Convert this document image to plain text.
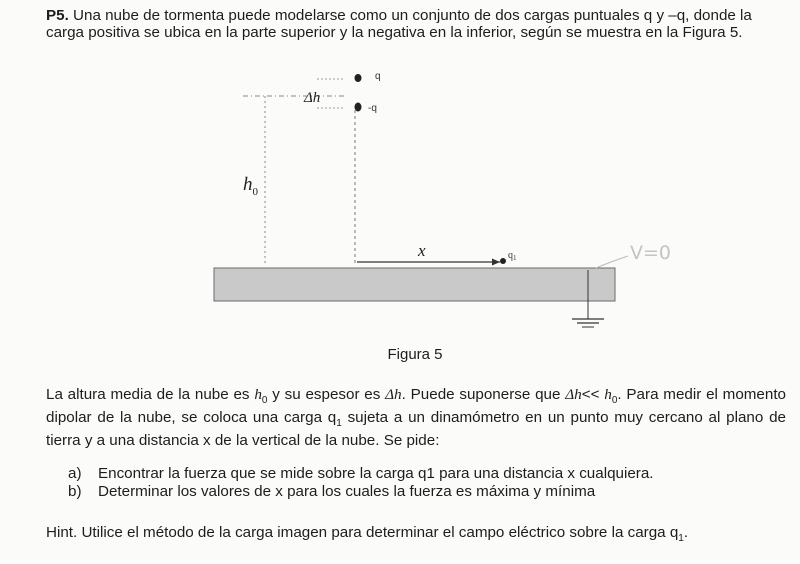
P5. Una nube de tormenta puede modelarse como un conjunto de dos cargas puntuales q y –q, donde la carga positiva se ubica en la parte superior y la negativa en la inferior, según se muestra en la Figura 5.

q
-q
Δh
$h_0$
x	$q_1$	V=0
Figura 5

La altura media de la nube es $h_0$ y su espesor es Δh. Puede suponerse que $\Delta h<< h_0$. Para medir el momento dipolar de la nube, se coloca una carga $q_1$ sujeta a un dinamómetro en un punto muy cercano al plano de tierra y a una distancia x de la vertical de la nube. Se pide:

a)	Encontrar la fuerza que se mide sobre la carga q1 para una distancia x cualquiera.
b)	Determinar los valores de x para los cuales la fuerza es máxima y mínima

Hint. Utilice el método de la carga imagen para determinar el campo eléctrico sobre la carga $q_1$.
